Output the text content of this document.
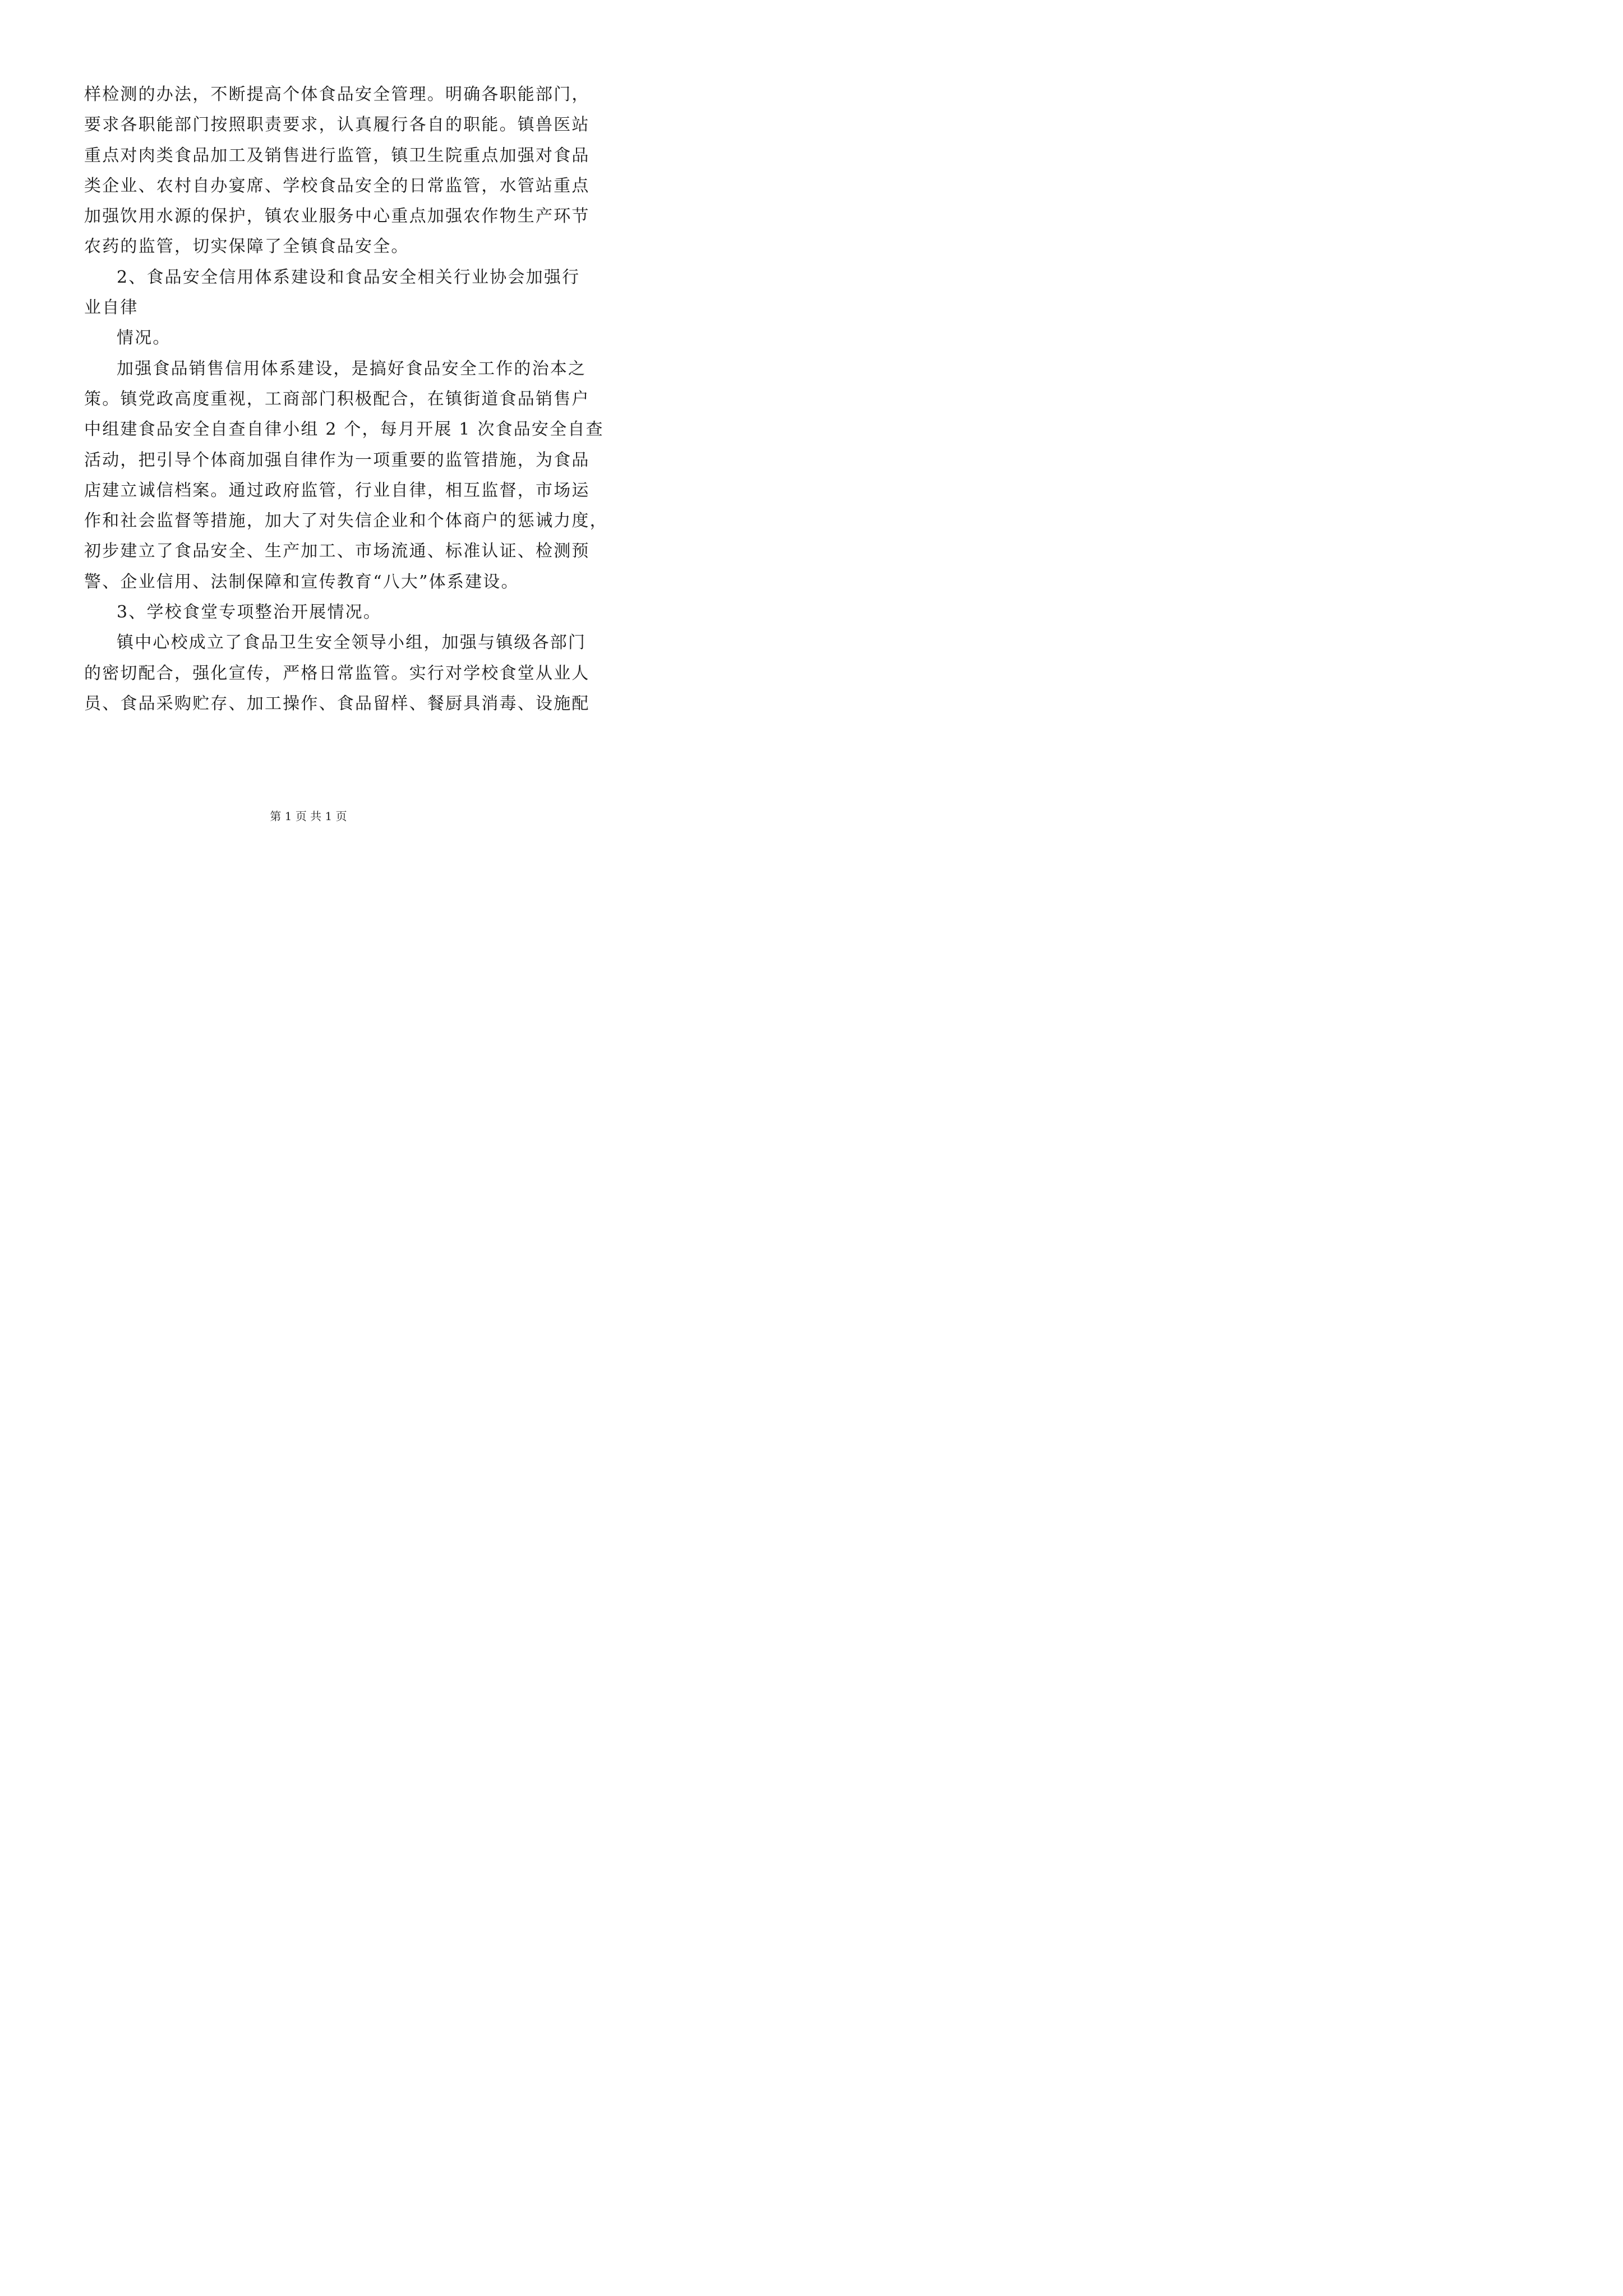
样检测的办法，不断提高个体食品安全管理。明确各职能部门，
要求各职能部门按照职责要求，认真履行各自的职能。镇兽医站
重点对肉类食品加工及销售进行监管，镇卫生院重点加强对食品
类企业、农村自办宴席、学校食品安全的日常监管，水管站重点
加强饮用水源的保护，镇农业服务中心重点加强农作物生产环节
农药的监管，切实保障了全镇食品安全。
2、食品安全信用体系建设和食品安全相关行业协会加强行
业自律
情况。
加强食品销售信用体系建设，是搞好食品安全工作的治本之
策。镇党政高度重视，工商部门积极配合，在镇街道食品销售户
中组建食品安全自查自律小组 2 个，每月开展 1 次食品安全自查
活动，把引导个体商加强自律作为一项重要的监管措施，为食品
店建立诚信档案。通过政府监管，行业自律，相互监督，市场运
作和社会监督等措施，加大了对失信企业和个体商户的惩诫力度，
初步建立了食品安全、生产加工、市场流通、标准认证、检测预
警、企业信用、法制保障和宣传教育“八大”体系建设。
3、学校食堂专项整治开展情况。
镇中心校成立了食品卫生安全领导小组，加强与镇级各部门
的密切配合，强化宣传，严格日常监管。实行对学校食堂从业人
员、食品采购贮存、加工操作、食品留样、餐厨具消毒、设施配
第 1 页 共 1 页
